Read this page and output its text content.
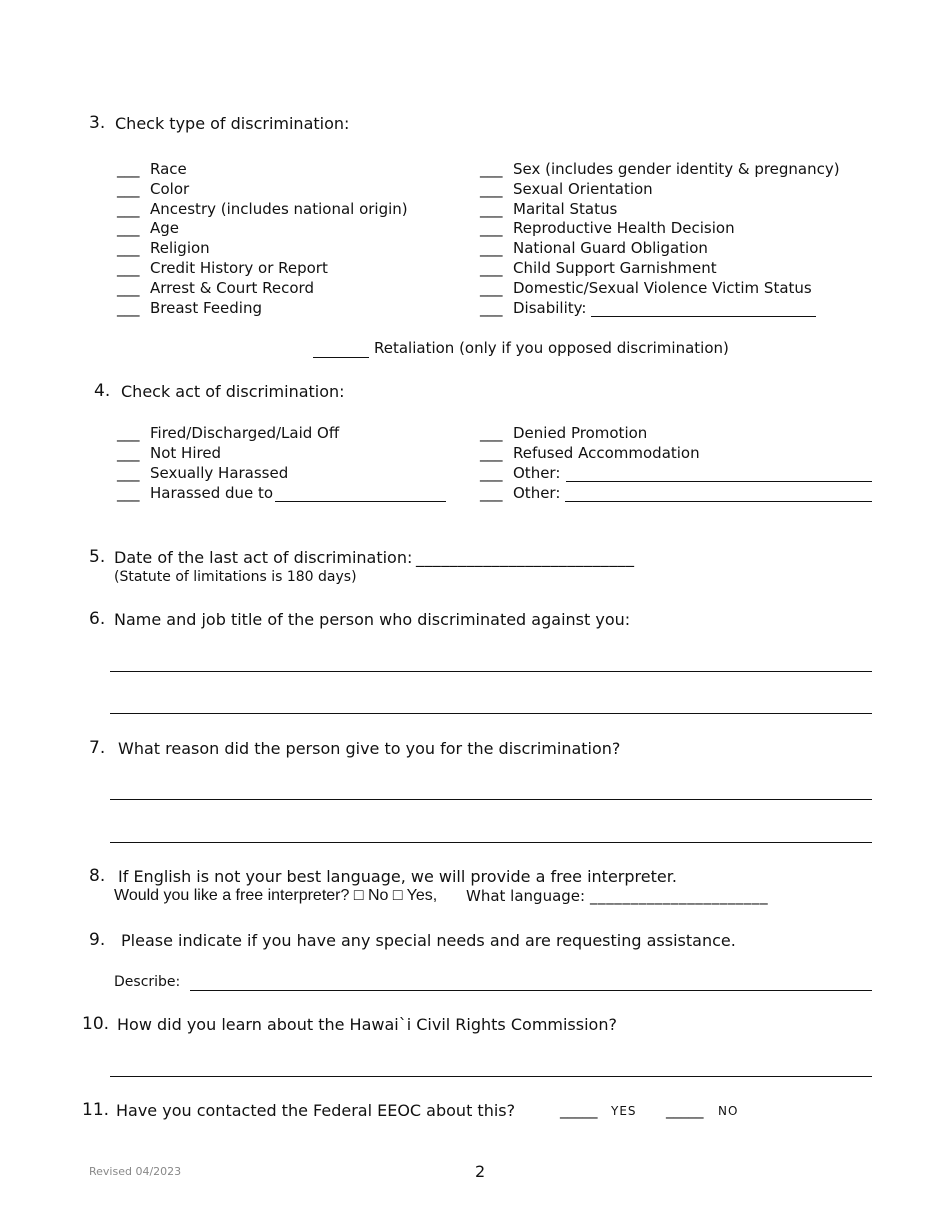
3. Check type of discrimination:
___ Race
___ Color
___ Ancestry (includes national origin)
___ Age
___ Religion
___ Credit History or Report
___ Arrest & Court Record
___ Breast Feeding
___ Sex (includes gender identity & pregnancy)
___ Sexual Orientation
___ Marital Status
___ Reproductive Health Decision
___ National Guard Obligation
___ Child Support Garnishment
___ Domestic/Sexual Violence Victim Status
___ Disability:
Retaliation (only if you opposed discrimination)
4. Check act of discrimination:
___ Fired/Discharged/Laid Off
___ Not Hired
___ Sexually Harassed
___ Harassed due to
___ Denied Promotion
___ Refused Accommodation
___ Other:
___ Other:
5. Date of the last act of discrimination: __________________________
(Statute of limitations is 180 days)
6. Name and job title of the person who discriminated against you:
7. What reason did the person give to you for the discrimination?
8. If English is not your best language, we will provide a free interpreter.
Would you like a free interpreter? □ No □ Yes, What language: ______________________
9. Please indicate if you have any special needs and are requesting assistance.
Describe:
10. How did you learn about the Hawai`i Civil Rights Commission?
11. Have you contacted the Federal EEOC about this?	_____ YES _____ NO
Revised 04/2023	2
